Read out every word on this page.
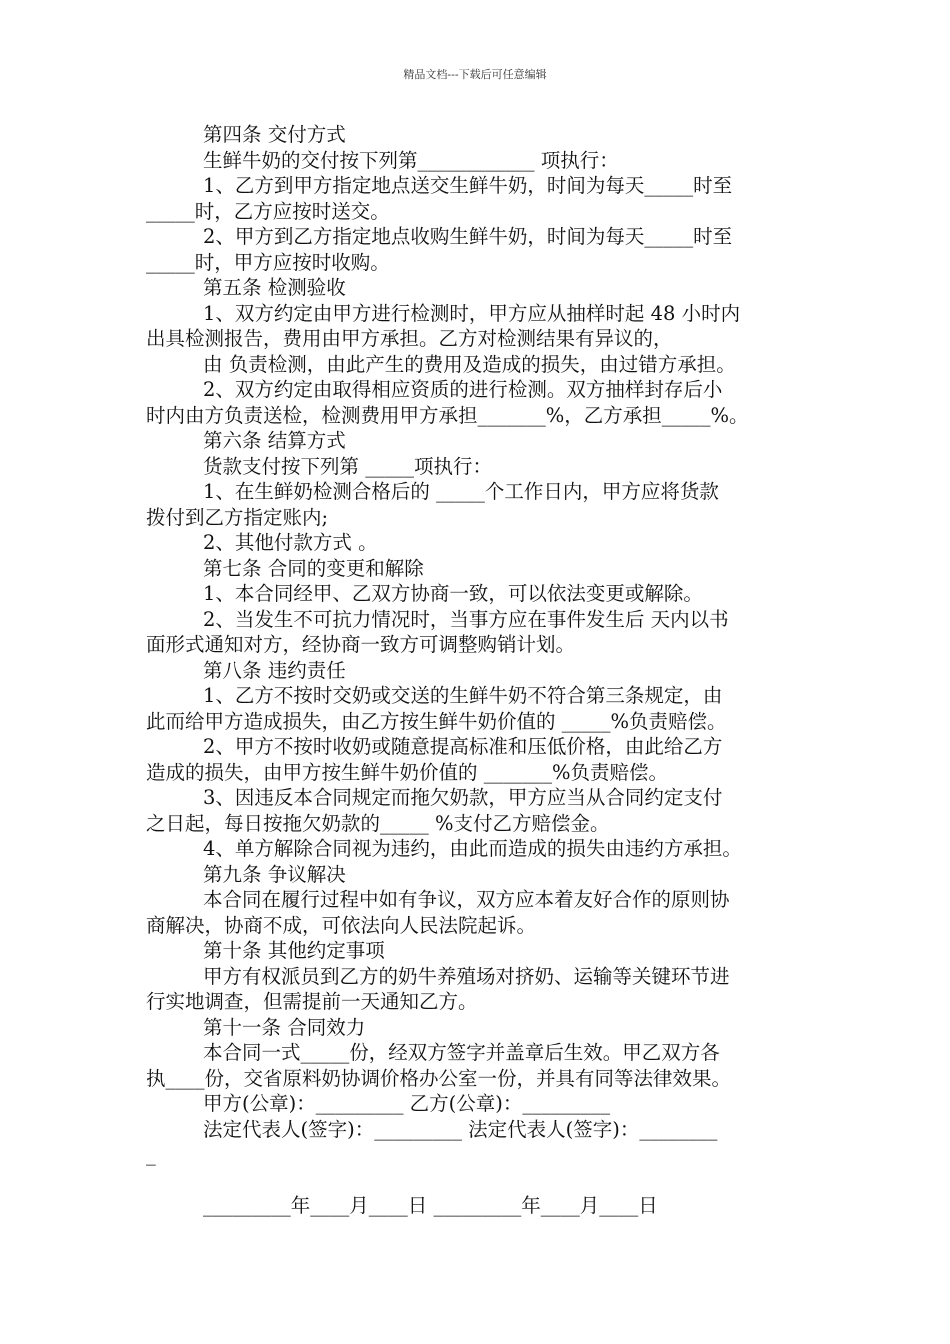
精品文档---下载后可任意编辑
第四条 交付方式
生鲜牛奶的交付按下列第____________ 项执行：
1、乙方到甲方指定地点送交生鲜牛奶，时间为每天_____时至
_____时，乙方应按时送交。
2、甲方到乙方指定地点收购生鲜牛奶，时间为每天_____时至
_____时，甲方应按时收购。
第五条 检测验收
1、双方约定由甲方进行检测时，甲方应从抽样时起 48 小时内
出具检测报告，费用由甲方承担。乙方对检测结果有异议的，
由 负责检测，由此产生的费用及造成的损失，由过错方承担。
2、双方约定由取得相应资质的进行检测。双方抽样封存后小
时内由方负责送检，检测费用甲方承担_______%，乙方承担_____%。
第六条 结算方式
货款支付按下列第 _____项执行：
1、在生鲜奶检测合格后的 _____个工作日内，甲方应将货款
拨付到乙方指定账内;
2、其他付款方式 。
第七条 合同的变更和解除
1、本合同经甲、乙双方协商一致，可以依法变更或解除。
2、当发生不可抗力情况时，当事方应在事件发生后 天内以书
面形式通知对方，经协商一致方可调整购销计划。
第八条 违约责任
1、乙方不按时交奶或交送的生鲜牛奶不符合第三条规定，由
此而给甲方造成损失，由乙方按生鲜牛奶价值的 _____%负责赔偿。
2、甲方不按时收奶或随意提高标准和压低价格，由此给乙方
造成的损失，由甲方按生鲜牛奶价值的 _______%负责赔偿。
3、因违反本合同规定而拖欠奶款，甲方应当从合同约定支付
之日起，每日按拖欠奶款的_____ %支付乙方赔偿金。
4、单方解除合同视为违约，由此而造成的损失由违约方承担。
第九条 争议解决
本合同在履行过程中如有争议，双方应本着友好合作的原则协
商解决，协商不成，可依法向人民法院起诉。
第十条 其他约定事项
甲方有权派员到乙方的奶牛养殖场对挤奶、运输等关键环节进
行实地调查，但需提前一天通知乙方。
第十一条 合同效力
本合同一式_____份，经双方签字并盖章后生效。甲乙双方各
执____份，交省原料奶协调价格办公室一份，并具有同等法律效果。
甲方(公章)：_________ 乙方(公章)：_________
法定代表人(签字)：_________ 法定代表人(签字)：________
_
_________年____月____日 _________年____月____日
